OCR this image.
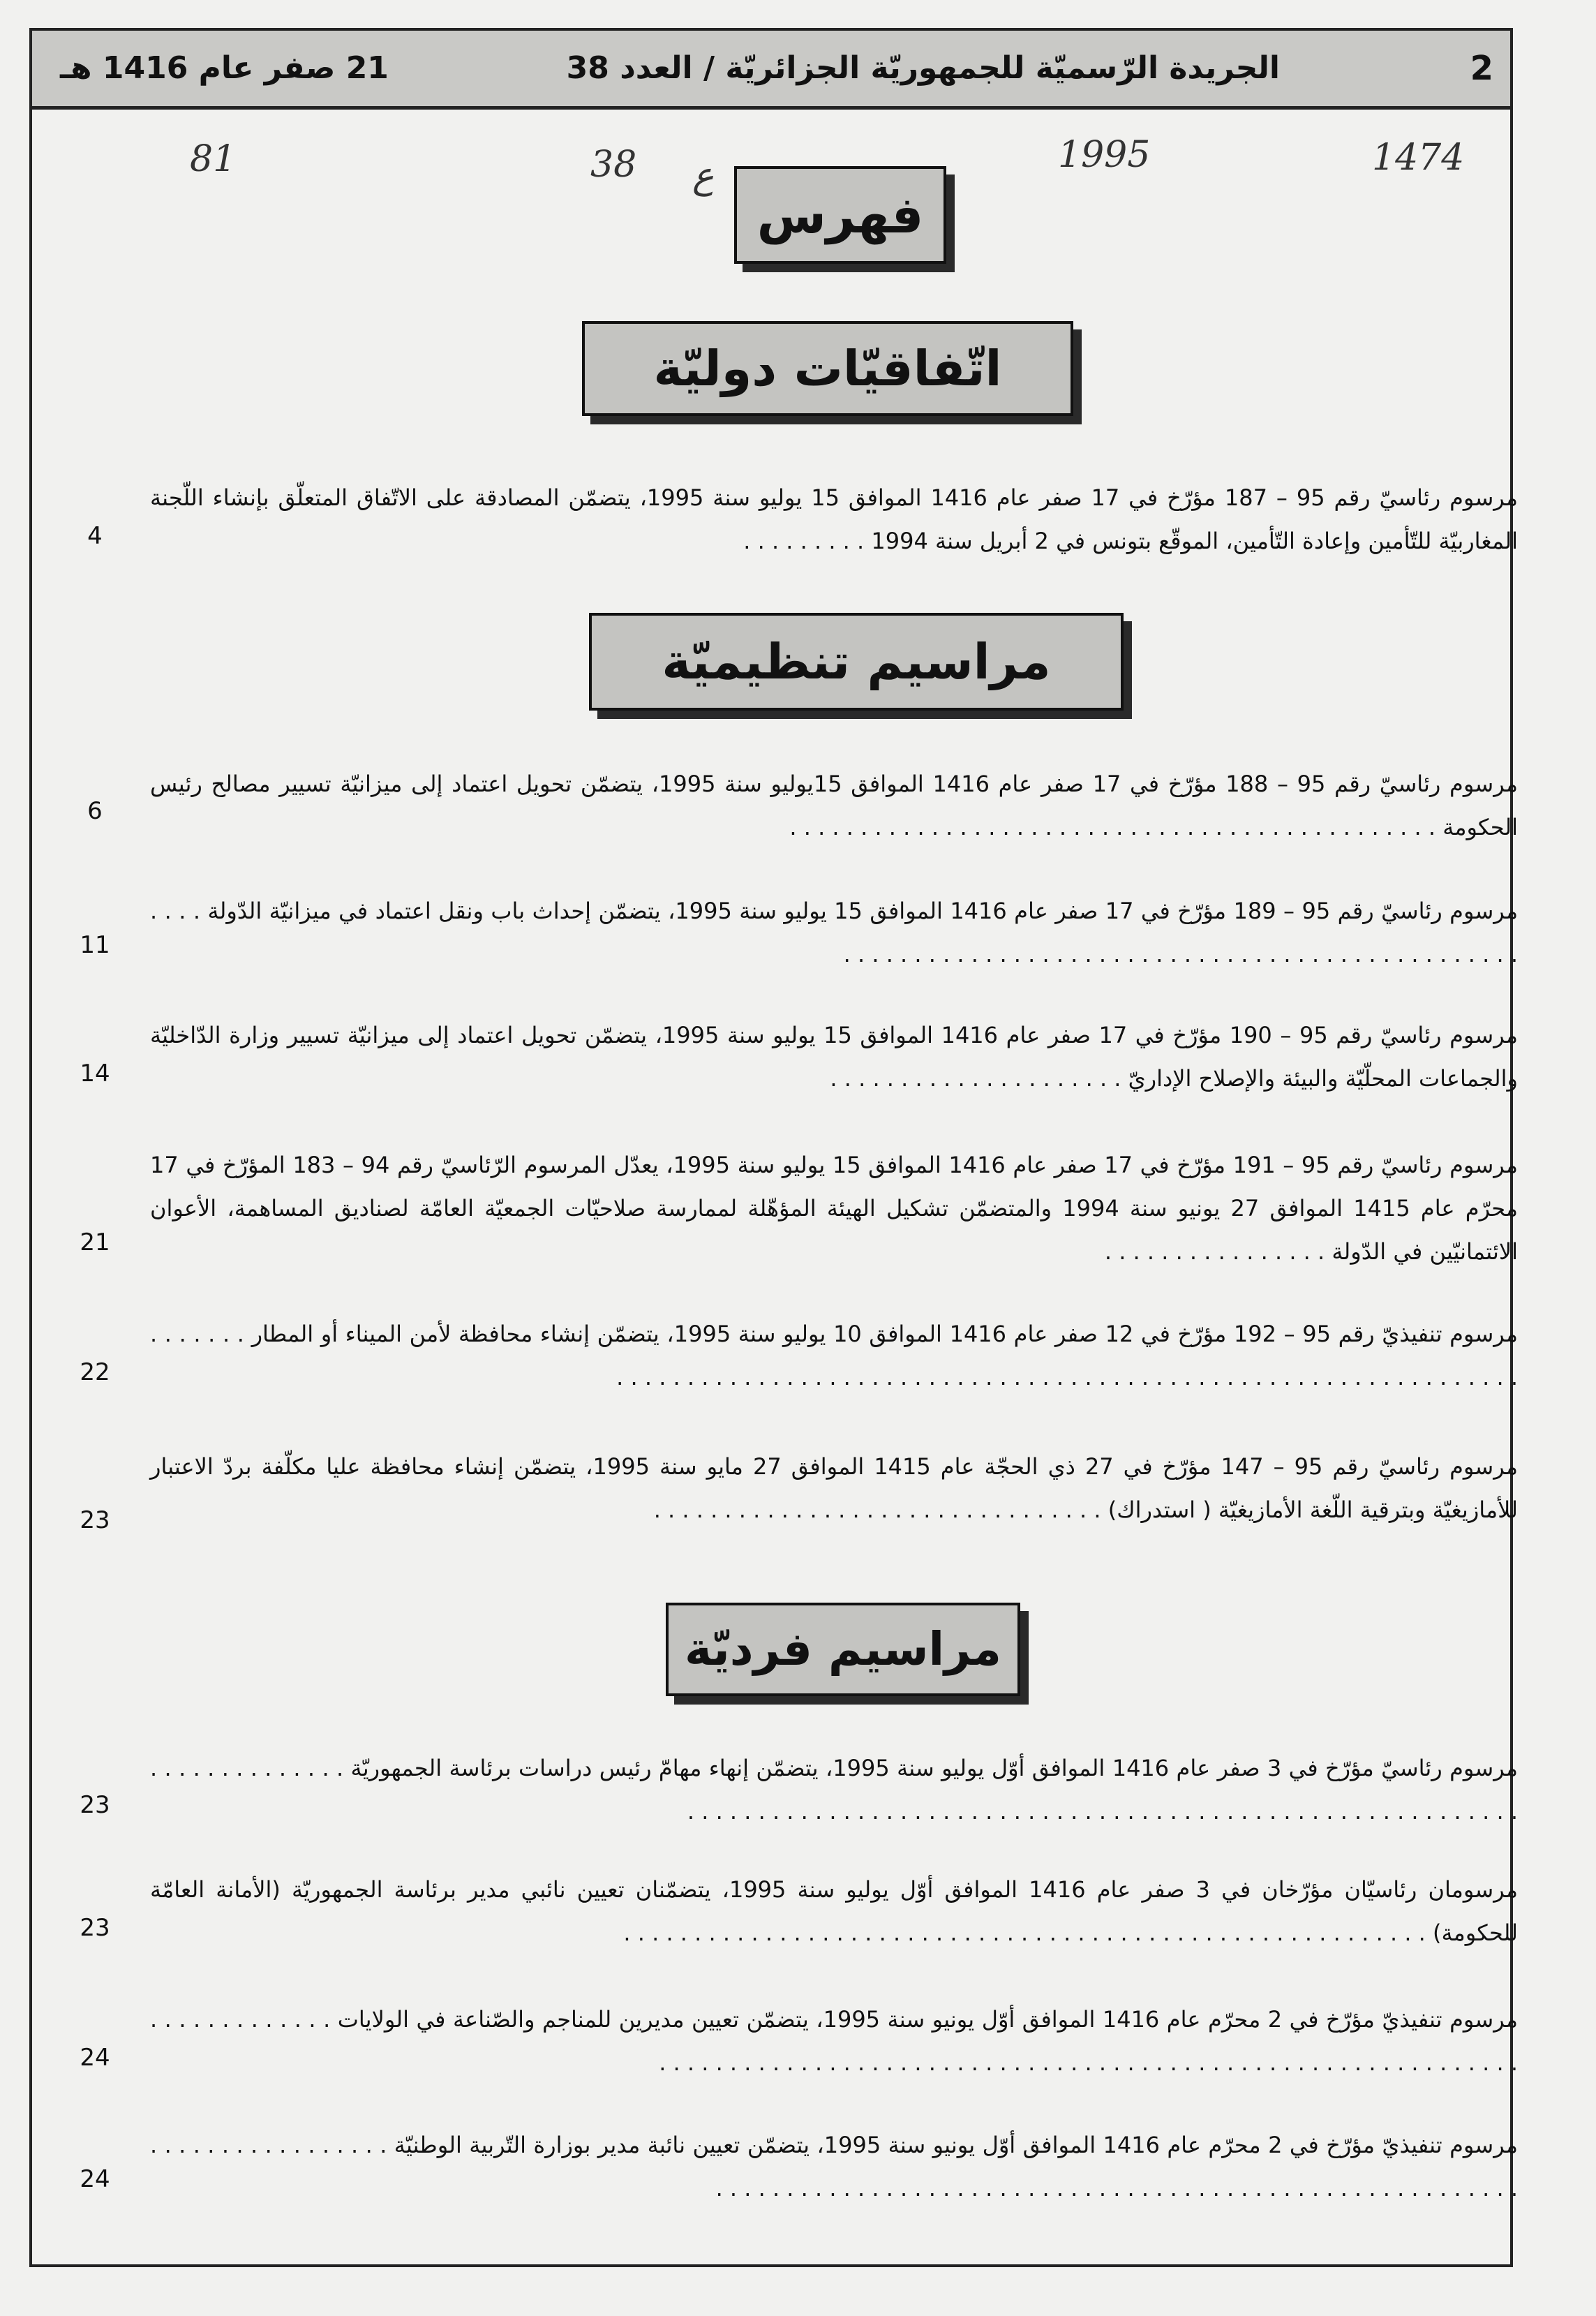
2
الجريدة الرّسميّة للجمهوريّة الجزائريّة / العدد 38
21 صفر عام 1416 هـ
1474
1995
38 ع
81
فهرس
اتّفاقيّات دوليّة
مرسوم رئاسيّ رقم 95 – 187 مؤرّخ في 17 صفر عام 1416 الموافق 15 يوليو سنة 1995، يتضمّن المصادقة على الاتّفاق المتعلّق بإنشاء اللّجنة المغاربيّة للتّأمين وإعادة التّأمين، الموقّع بتونس في 2 أبريل سنة 1994 . . . . . . . . .
4
مراسيم تنظيميّة
مرسوم رئاسيّ رقم 95 – 188 مؤرّخ في 17 صفر عام 1416 الموافق 15يوليو سنة 1995، يتضمّن تحويل اعتماد إلى ميزانيّة تسيير مصالح رئيس الحكومة . . . . . . . . . . . . . . . . . . . . . . . . . . . . . . . . . . . . . . . . . . . . . .
6
مرسوم رئاسيّ رقم 95 – 189 مؤرّخ في 17 صفر عام 1416 الموافق 15 يوليو سنة 1995، يتضمّن إحداث باب ونقل اعتماد في ميزانيّة الدّولة . . . . . . . . . . . . . . . . . . . . . . . . . . . . . . . . . . . . . . . . . . . . . . . . . . . .
11
مرسوم رئاسيّ رقم 95 – 190 مؤرّخ في 17 صفر عام 1416 الموافق 15 يوليو سنة 1995، يتضمّن تحويل اعتماد إلى ميزانيّة تسيير وزارة الدّاخليّة والجماعات المحلّيّة والبيئة والإصلاح الإداريّ . . . . . . . . . . . . . . . . . . . . .
14
مرسوم رئاسيّ رقم 95 – 191 مؤرّخ في 17 صفر عام 1416 الموافق 15 يوليو سنة 1995، يعدّل المرسوم الرّئاسيّ رقم 94 – 183 المؤرّخ في 17 محرّم عام 1415 الموافق 27 يونيو سنة 1994 والمتضمّن تشكيل الهيئة المؤهّلة لممارسة صلاحيّات الجمعيّة العامّة لصناديق المساهمة، الأعوان الائتمانيّين في الدّولة . . . . . . . . . . . . . . . .
21
مرسوم تنفيذيّ رقم 95 – 192 مؤرّخ في 12 صفر عام 1416 الموافق 10 يوليو سنة 1995، يتضمّن إنشاء محافظة لأمن الميناء أو المطار . . . . . . . . . . . . . . . . . . . . . . . . . . . . . . . . . . . . . . . . . . . . . . . . . . . . . . . . . . . . . . . . . . . . . . .
22
مرسوم رئاسيّ رقم 95 – 147 مؤرّخ في 27 ذي الحجّة عام 1415 الموافق 27 مايو سنة 1995، يتضمّن إنشاء محافظة عليا مكلّفة بردّ الاعتبار للأمازيغيّة وبترقية اللّغة الأمازيغيّة ( استدراك) . . . . . . . . . . . . . . . . . . . . . . . . . . . . . . . .
23
مراسيم فرديّة
مرسوم رئاسيّ مؤرّخ في 3 صفر عام 1416 الموافق أوّل يوليو سنة 1995، يتضمّن إنهاء مهامّ رئيس دراسات برئاسة الجمهوريّة . . . . . . . . . . . . . . . . . . . . . . . . . . . . . . . . . . . . . . . . . . . . . . . . . . . . . . . . . . . . . . . . . . . . . . . . .
23
مرسومان رئاسيّان مؤرّخان في 3 صفر عام 1416 الموافق أوّل يوليو سنة 1995، يتضمّنان تعيين نائبي مدير برئاسة الجمهوريّة (الأمانة العامّة للحكومة) . . . . . . . . . . . . . . . . . . . . . . . . . . . . . . . . . . . . . . . . . . . . . . . . . . . . . . . . .
23
مرسوم تنفيذيّ مؤرّخ في 2 محرّم عام 1416 الموافق أوّل يونيو سنة 1995، يتضمّن تعيين مديرين للمناجم والصّناعة في الولايات . . . . . . . . . . . . . . . . . . . . . . . . . . . . . . . . . . . . . . . . . . . . . . . . . . . . . . . . . . . . . . . . . . . . . . . . . .
24
مرسوم تنفيذيّ مؤرّخ في 2 محرّم عام 1416 الموافق أوّل يونيو سنة 1995، يتضمّن تعيين نائبة مدير بوزارة التّربية الوطنيّة . . . . . . . . . . . . . . . . . . . . . . . . . . . . . . . . . . . . . . . . . . . . . . . . . . . . . . . . . . . . . . . . . . . . . . . . . .
24
